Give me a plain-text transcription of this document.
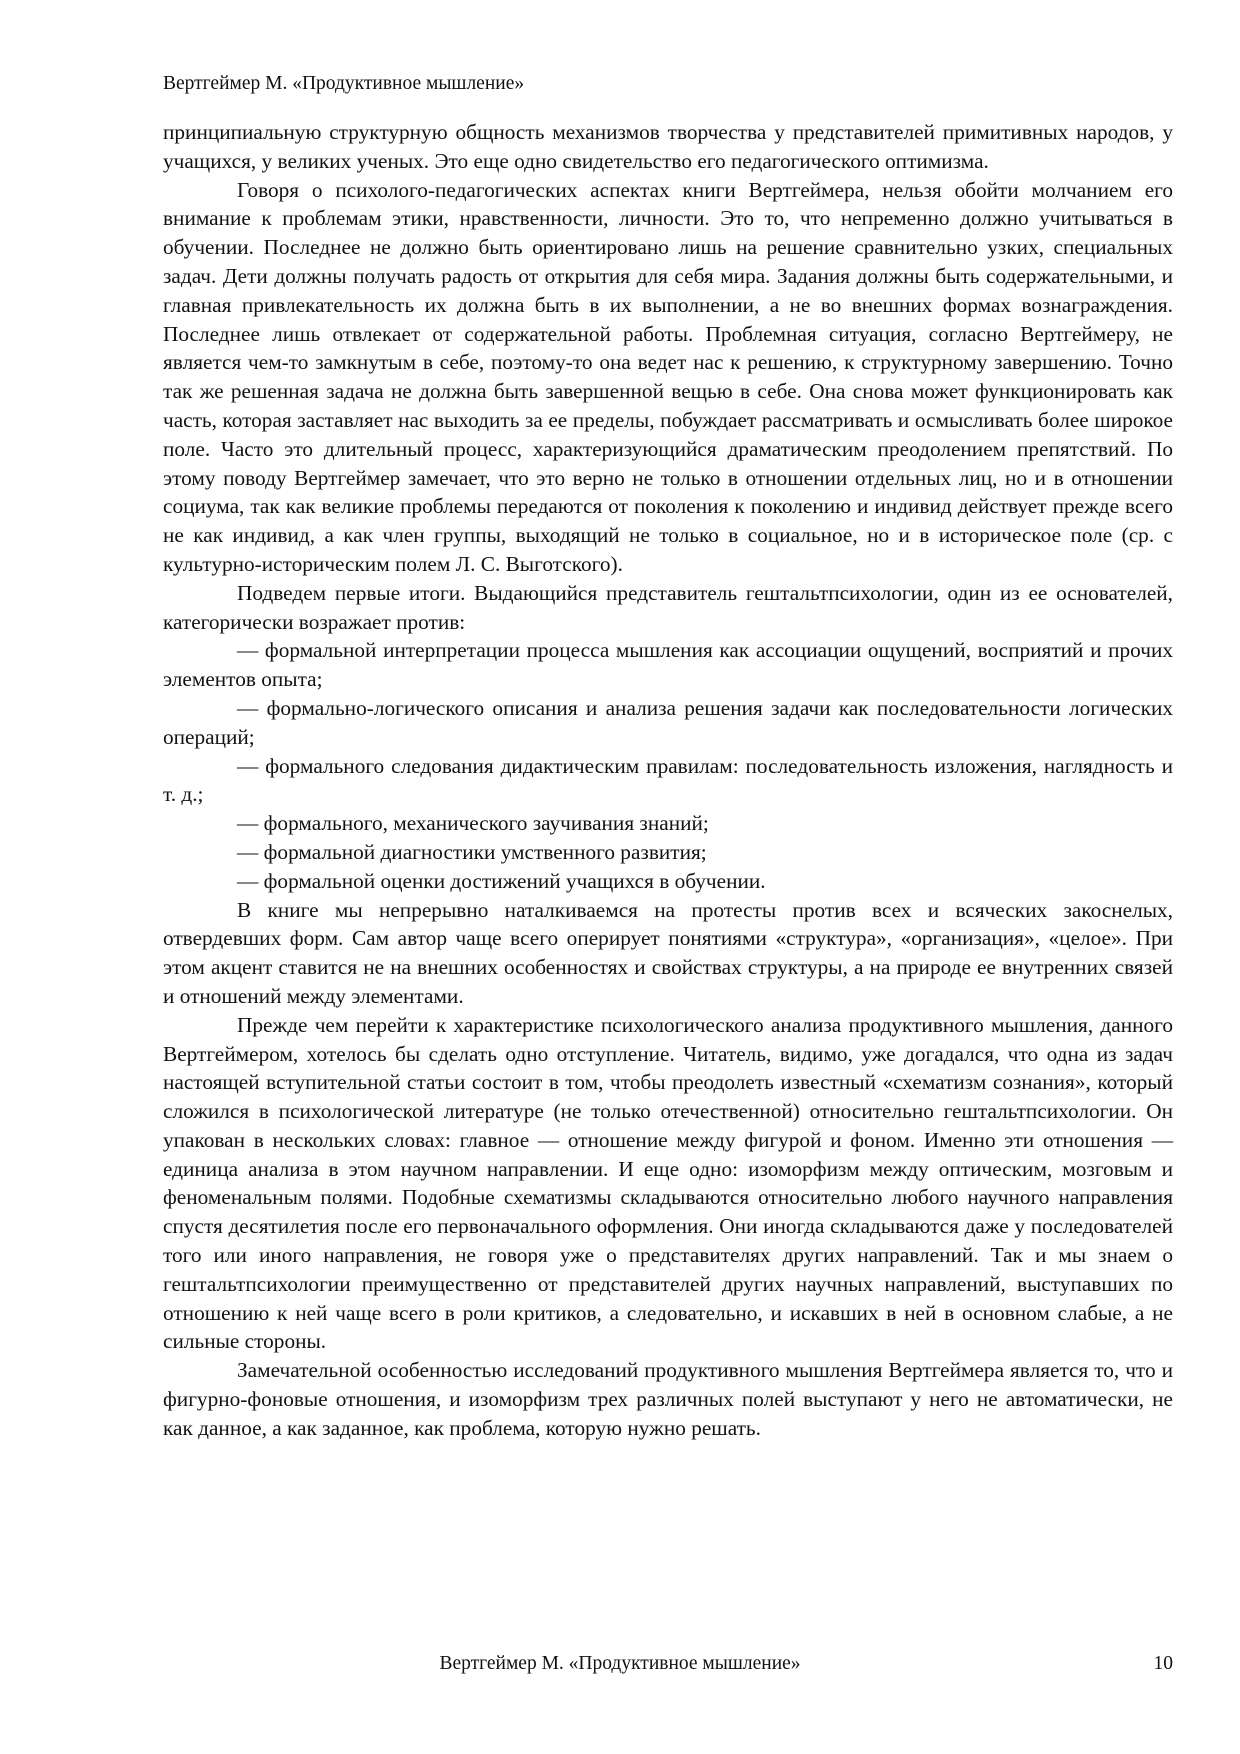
Вертгеймер М. «Продуктивное мышление»

принципиальную структурную общность механизмов творчества у представителей примитивных народов, у учащихся, у великих ученых. Это еще одно свидетельство его педагогического оптимизма.

Говоря о психолого-педагогических аспектах книги Вертгеймера, нельзя обойти молчанием его внимание к проблемам этики, нравственности, личности. Это то, что непременно должно учитываться в обучении. Последнее не должно быть ориентировано лишь на решение сравнительно узких, специальных задач. Дети должны получать радость от открытия для себя мира. Задания должны быть содержательными, и главная привлекательность их должна быть в их выполнении, а не во внешних формах вознаграждения. Последнее лишь отвлекает от содержательной работы. Проблемная ситуация, согласно Вертгеймеру, не является чем-то замкнутым в себе, поэтому-то она ведет нас к решению, к структурному завершению. Точно так же решенная задача не должна быть завершенной вещью в себе. Она снова может функционировать как часть, которая заставляет нас выходить за ее пределы, побуждает рассматривать и осмысливать более широкое поле. Часто это длительный процесс, характеризующийся драматическим преодолением препятствий. По этому поводу Вертгеймер замечает, что это верно не только в отношении отдельных лиц, но и в отношении социума, так как великие проблемы передаются от поколения к поколению и индивид действует прежде всего не как индивид, а как член группы, выходящий не только в социальное, но и в историческое поле (ср. с культурно-историческим полем Л. С. Выготского).

Подведем первые итоги. Выдающийся представитель гештальтпсихологии, один из ее основателей, категорически возражает против:

— формальной интерпретации процесса мышления как ассоциации ощущений, восприятий и прочих элементов опыта;

— формально-логического описания и анализа решения задачи как последовательности логических операций;

— формального следования дидактическим правилам: последовательность изложения, наглядность и т. д.;

— формального, механического заучивания знаний;

— формальной диагностики умственного развития;

— формальной оценки достижений учащихся в обучении.

В книге мы непрерывно наталкиваемся на протесты против всех и всяческих закоснелых, отвердевших форм. Сам автор чаще всего оперирует понятиями «структура», «организация», «целое». При этом акцент ставится не на внешних особенностях и свойствах структуры, а на природе ее внутренних связей и отношений между элементами.

Прежде чем перейти к характеристике психологического анализа продуктивного мышления, данного Вертгеймером, хотелось бы сделать одно отступление. Читатель, видимо, уже догадался, что одна из задач настоящей вступительной статьи состоит в том, чтобы преодолеть известный «схематизм сознания», который сложился в психологической литературе (не только отечественной) относительно гештальтпсихологии. Он упакован в нескольких словах: главное — отношение между фигурой и фоном. Именно эти отношения — единица анализа в этом научном направлении. И еще одно: изоморфизм между оптическим, мозговым и феноменальным полями. Подобные схематизмы складываются относительно любого научного направления спустя десятилетия после его первоначального оформления. Они иногда складываются даже у последователей того или иного направления, не говоря уже о представителях других направлений. Так и мы знаем о гештальтпсихологии преимущественно от представителей других научных направлений, выступавших по отношению к ней чаще всего в роли критиков, а следовательно, и искавших в ней в основном слабые, а не сильные стороны.

Замечательной особенностью исследований продуктивного мышления Вертгеймера является то, что и фигурно-фоновые отношения, и изоморфизм трех различных полей выступают у него не автоматически, не как данное, а как заданное, как проблема, которую нужно решать.

Вертгеймер М. «Продуктивное мышление»	10
